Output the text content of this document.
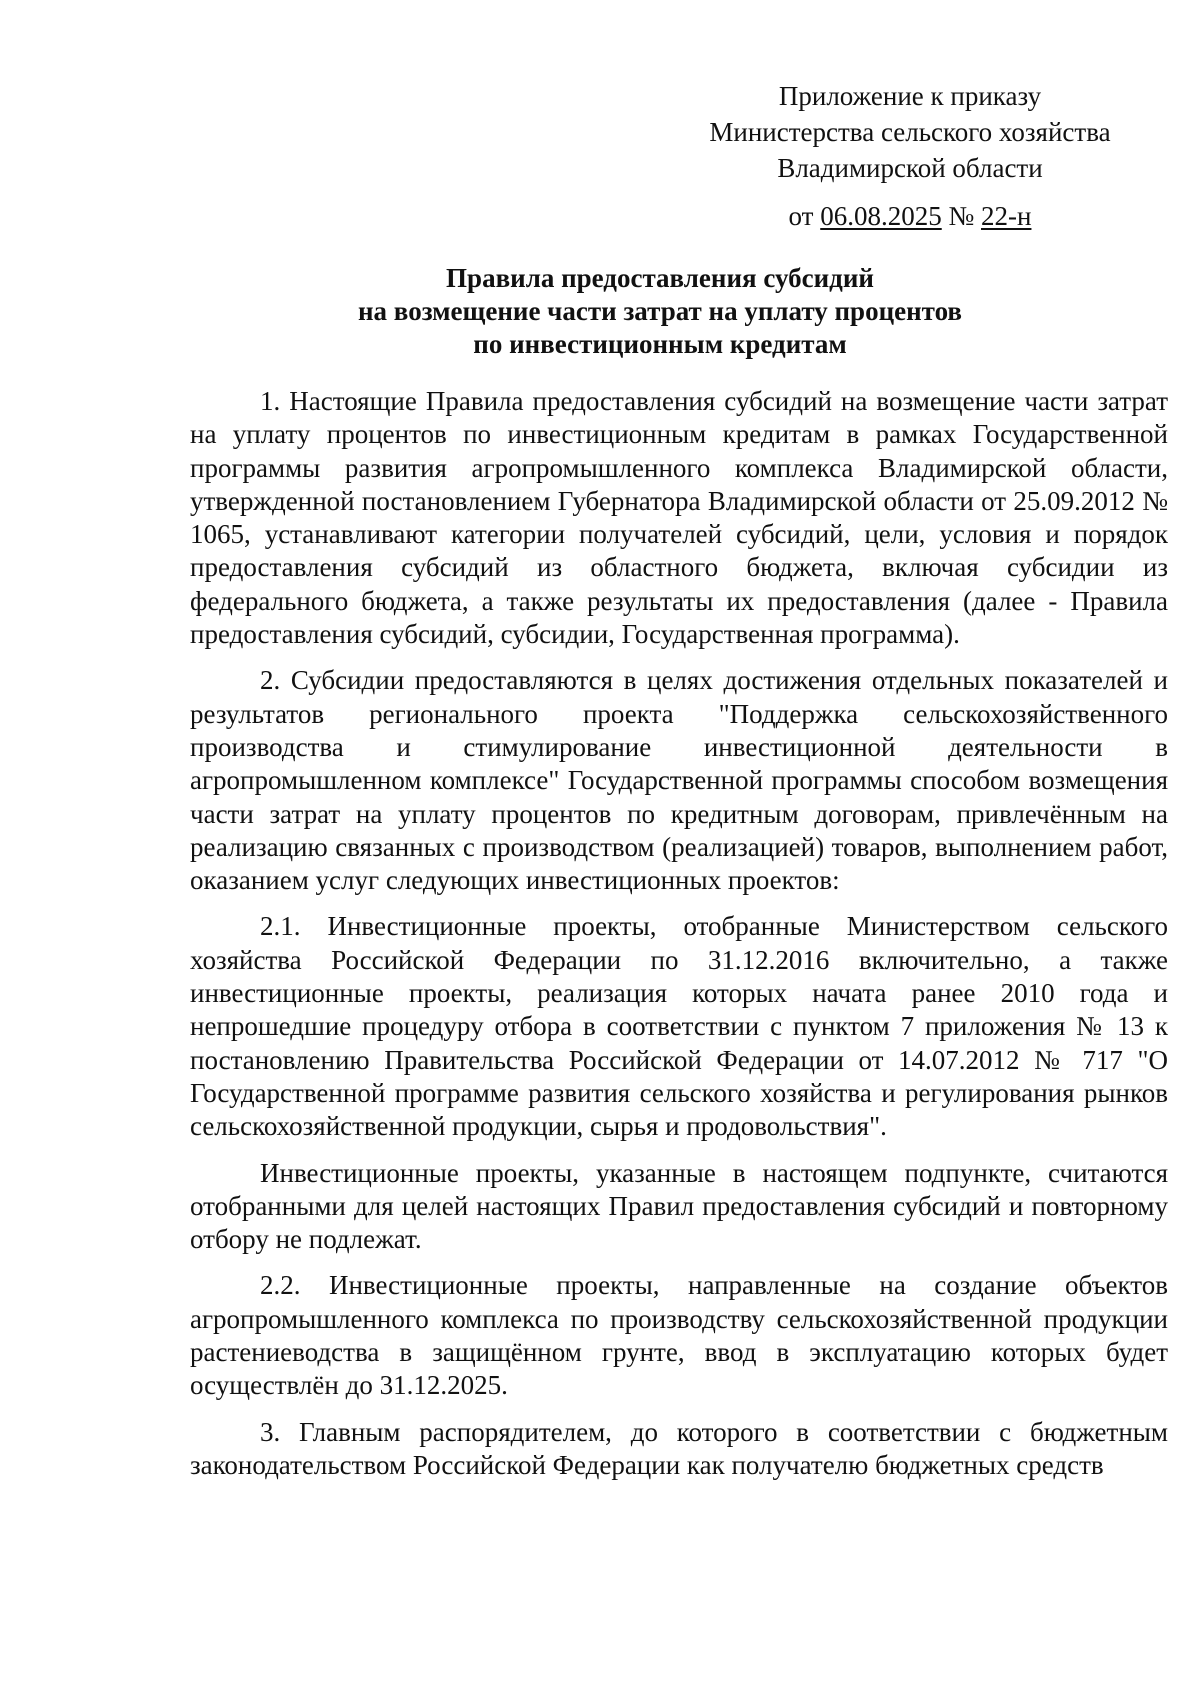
Приложение к приказу
Министерства сельского хозяйства
Владимирской области
от 06.08.2025 № 22-н
Правила предоставления субсидий
на возмещение части затрат на уплату процентов
по инвестиционным кредитам

1. Настоящие Правила предоставления субсидий на возмещение части затрат на уплату процентов по инвестиционным кредитам в рамках Государственной программы развития агропромышленного комплекса Владимирской области, утвержденной постановлением Губернатора Владимирской области от 25.09.2012 № 1065, устанавливают категории получателей субсидий, цели, условия и порядок предоставления субсидий из областного бюджета, включая субсидии из федерального бюджета, а также результаты их предоставления (далее - Правила предоставления субсидий, субсидии, Государственная программа).

2. Субсидии предоставляются в целях достижения отдельных показателей и результатов регионального проекта "Поддержка сельскохозяйственного производства и стимулирование инвестиционной деятельности в агропромышленном комплексе" Государственной программы способом возмещения части затрат на уплату процентов по кредитным договорам, привлечённым на реализацию связанных с производством (реализацией) товаров, выполнением работ, оказанием услуг следующих инвестиционных проектов:

2.1. Инвестиционные проекты, отобранные Министерством сельского хозяйства Российской Федерации по 31.12.2016 включительно, а также инвестиционные проекты, реализация которых начата ранее 2010 года и непрошедшие процедуру отбора в соответствии с пунктом 7 приложения № 13 к постановлению Правительства Российской Федерации от 14.07.2012 № 717 "О Государственной программе развития сельского хозяйства и регулирования рынков сельскохозяйственной продукции, сырья и продовольствия".

Инвестиционные проекты, указанные в настоящем подпункте, считаются отобранными для целей настоящих Правил предоставления субсидий и повторному отбору не подлежат.

2.2. Инвестиционные проекты, направленные на создание объектов агропромышленного комплекса по производству сельскохозяйственной продукции растениеводства в защищённом грунте, ввод в эксплуатацию которых будет осуществлён до 31.12.2025.

3. Главным распорядителем, до которого в соответствии с бюджетным законодательством Российской Федерации как получателю бюджетных средств
